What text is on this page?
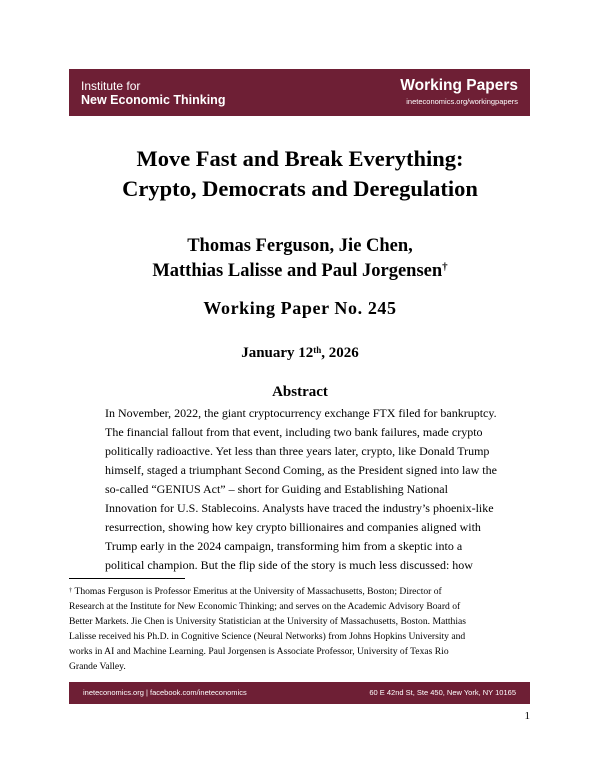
Institute for
New Economic Thinking
Working Papers
ineteconomics.org/workingpapers
Move Fast and Break Everything:
Crypto, Democrats and Deregulation
Thomas Ferguson, Jie Chen,
Matthias Lalisse and Paul Jorgensen†
Working Paper No. 245
January 12th, 2026
Abstract
In November, 2022, the giant cryptocurrency exchange FTX filed for bankruptcy.
The financial fallout from that event, including two bank failures, made crypto
politically radioactive. Yet less than three years later, crypto, like Donald Trump
himself, staged a triumphant Second Coming, as the President signed into law the
so-called “GENIUS Act” – short for Guiding and Establishing National
Innovation for U.S. Stablecoins. Analysts have traced the industry’s phoenix-like
resurrection, showing how key crypto billionaires and companies aligned with
Trump early in the 2024 campaign, transforming him from a skeptic into a
political champion. But the flip side of the story is much less discussed: how
† Thomas Ferguson is Professor Emeritus at the University of Massachusetts, Boston; Director of
Research at the Institute for New Economic Thinking; and serves on the Academic Advisory Board of
Better Markets. Jie Chen is University Statistician at the University of Massachusetts, Boston. Matthias
Lalisse received his Ph.D. in Cognitive Science (Neural Networks) from Johns Hopkins University and
works in AI and Machine Learning. Paul Jorgensen is Associate Professor, University of Texas Rio
Grande Valley.
ineteconomics.org | facebook.com/ineteconomics	60 E 42nd St, Ste 450, New York, NY 10165
1
